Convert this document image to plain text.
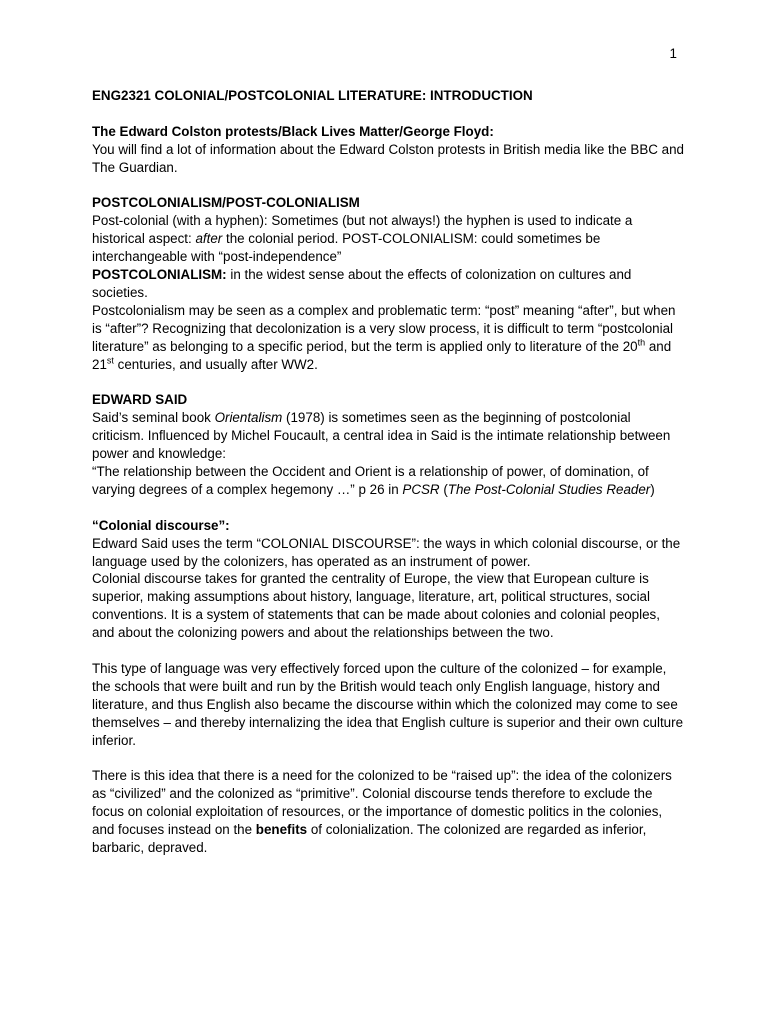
1

ENG2321 COLONIAL/POSTCOLONIAL LITERATURE: INTRODUCTION

The Edward Colston protests/Black Lives Matter/George Floyd:

You will find a lot of information about the Edward Colston protests in British media like the BBC and The Guardian.

POSTCOLONIALISM/POST-COLONIALISM

Post-colonial (with a hyphen): Sometimes (but not always!) the hyphen is used to indicate a historical aspect: after the colonial period. POST-COLONIALISM: could sometimes be interchangeable with “post-independence”

POSTCOLONIALISM: in the widest sense about the effects of colonization on cultures and societies.

Postcolonialism may be seen as a complex and problematic term: “post” meaning “after”, but when is “after”? Recognizing that decolonization is a very slow process, it is difficult to term “postcolonial literature” as belonging to a specific period, but the term is applied only to literature of the 20th and 21st centuries, and usually after WW2.

EDWARD SAID

Said’s seminal book Orientalism (1978) is sometimes seen as the beginning of postcolonial criticism. Influenced by Michel Foucault, a central idea in Said is the intimate relationship between power and knowledge:

“The relationship between the Occident and Orient is a relationship of power, of domination, of varying degrees of a complex hegemony …” p 26 in PCSR (The Post-Colonial Studies Reader)

“Colonial discourse”:

Edward Said uses the term “COLONIAL DISCOURSE”: the ways in which colonial discourse, or the language used by the colonizers, has operated as an instrument of power.

Colonial discourse takes for granted the centrality of Europe, the view that European culture is superior, making assumptions about history, language, literature, art, political structures, social conventions. It is a system of statements that can be made about colonies and colonial peoples, and about the colonizing powers and about the relationships between the two.

This type of language was very effectively forced upon the culture of the colonized – for example, the schools that were built and run by the British would teach only English language, history and literature, and thus English also became the discourse within which the colonized may come to see themselves – and thereby internalizing the idea that English culture is superior and their own culture inferior.

There is this idea that there is a need for the colonized to be “raised up”: the idea of the colonizers as “civilized” and the colonized as “primitive”. Colonial discourse tends therefore to exclude the focus on colonial exploitation of resources, or the importance of domestic politics in the colonies, and focuses instead on the benefits of colonialization. The colonized are regarded as inferior, barbaric, depraved.
